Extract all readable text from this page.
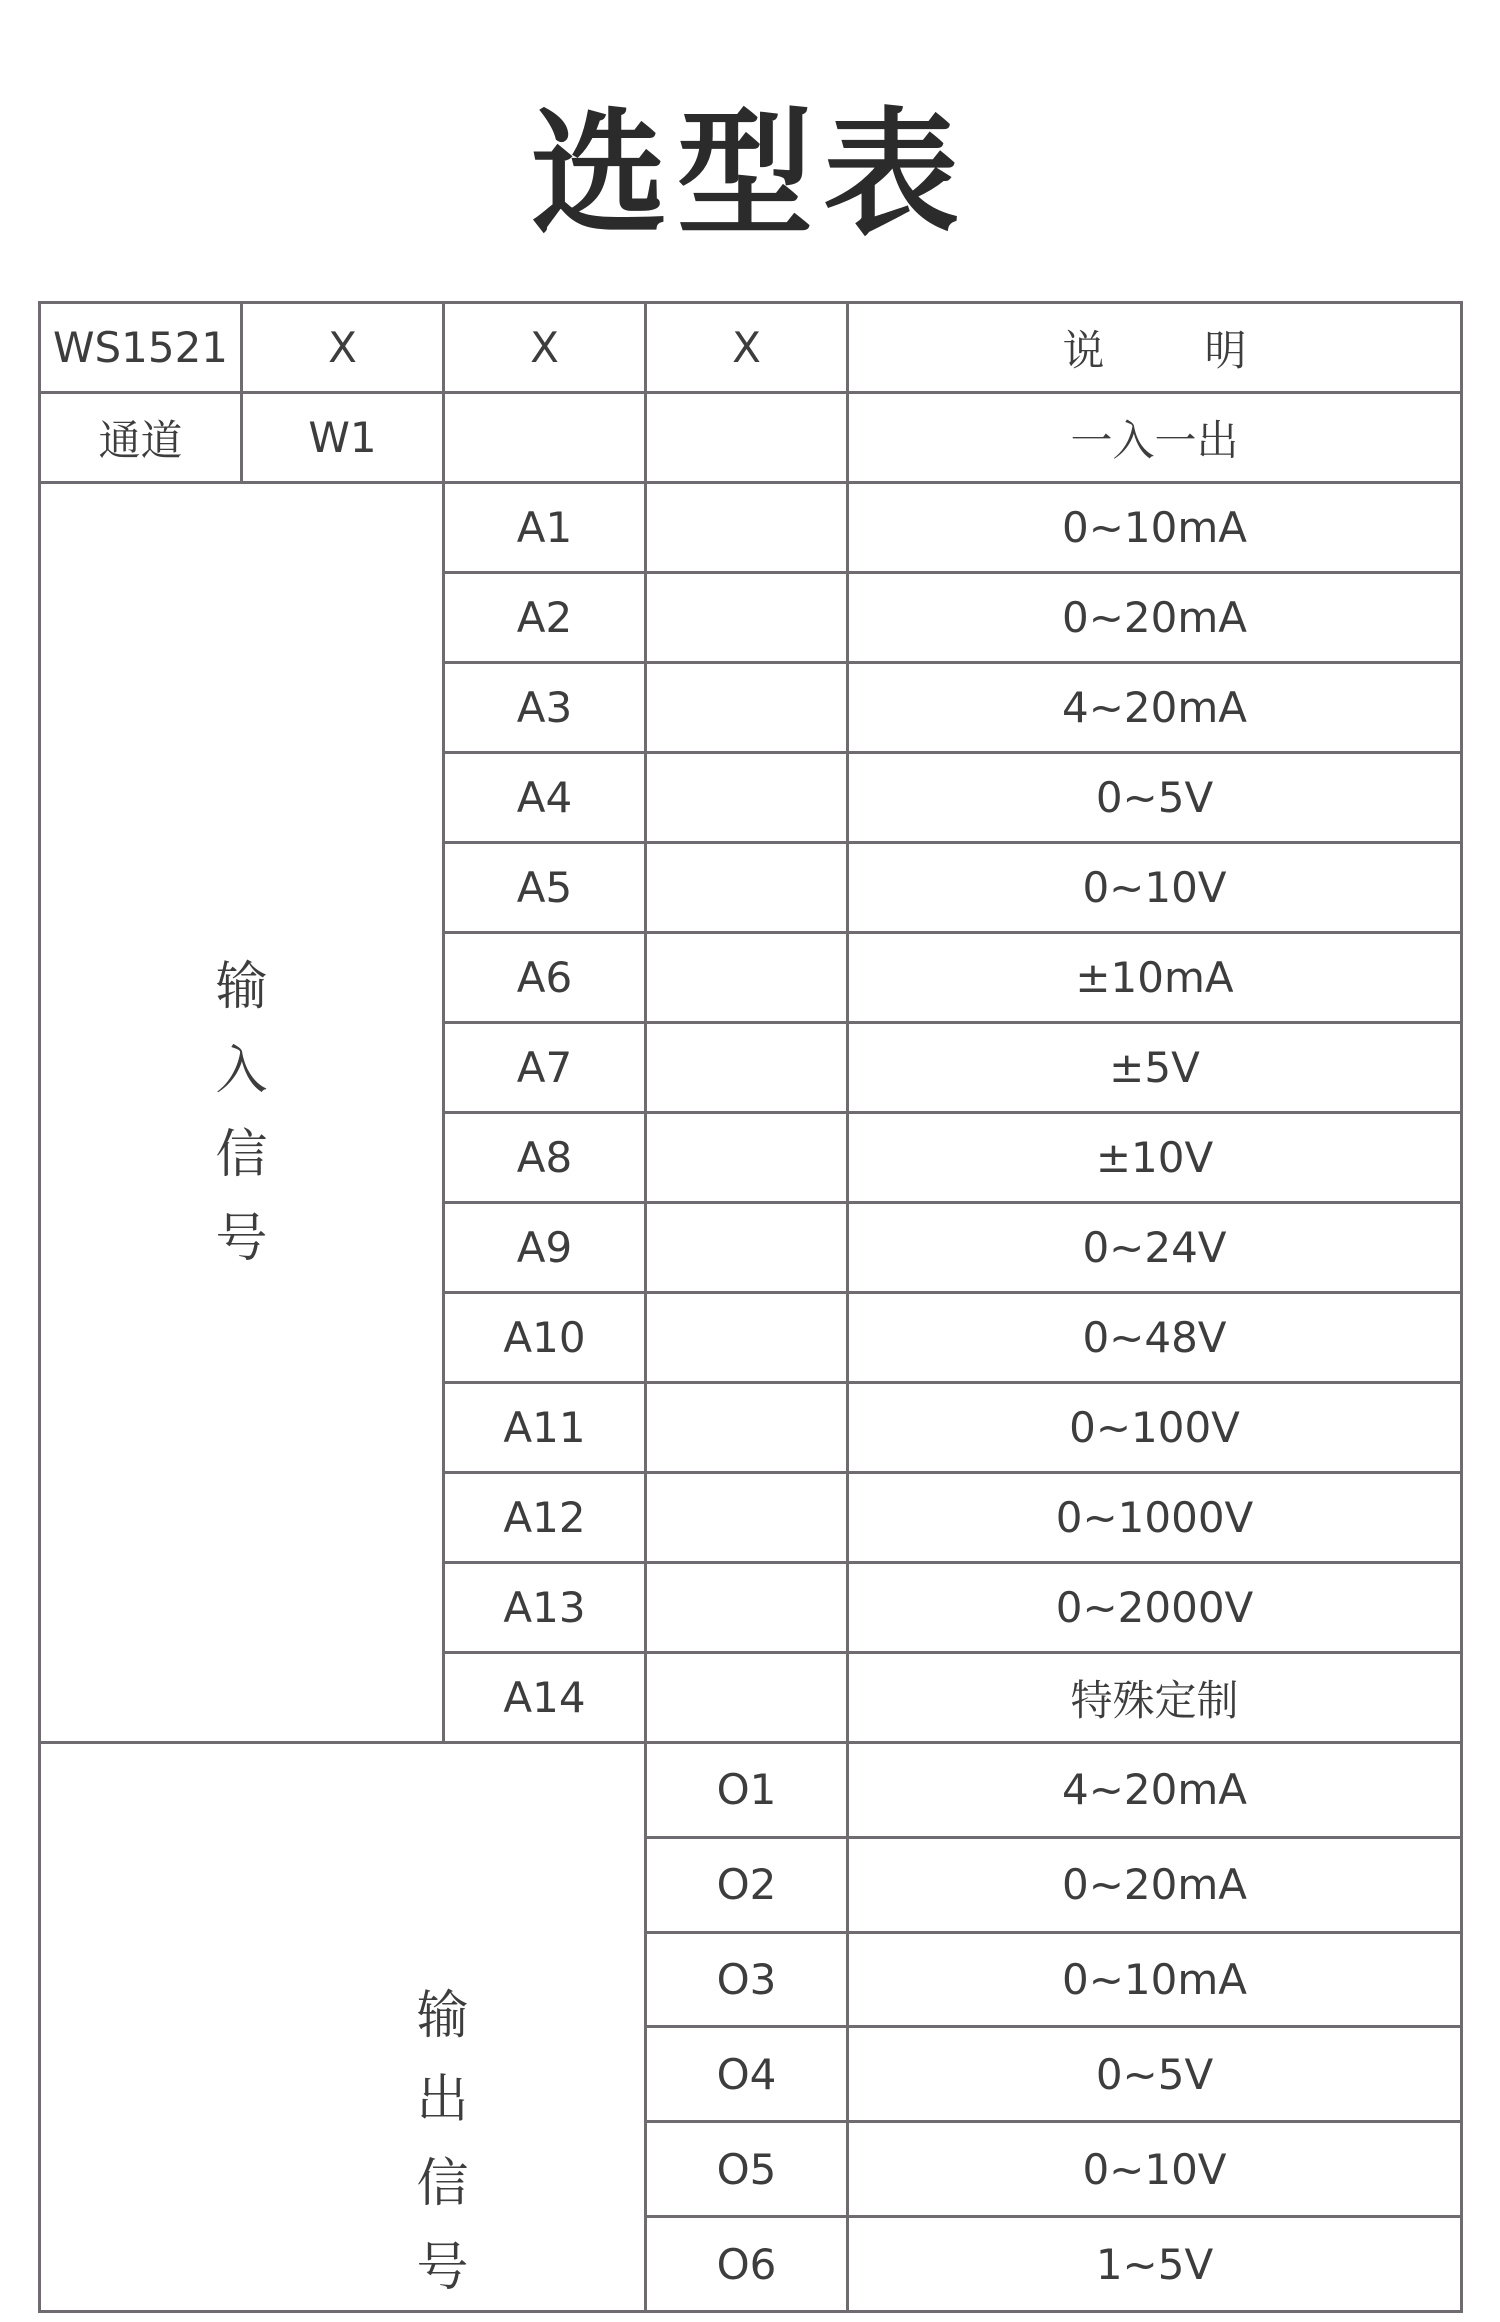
选型表
WS1521	X	X	X	说 明
通道	W1			一入一出

输
入
信
号		A1		0~10mA
		A2		0~20mA
		A3		4~20mA
		A4		0~5V
		A5		0~10V
		A6		±10mA
		A7		±5V
		A8		±10V
		A9		0~24V
		A10		0~48V
		A11		0~100V
		A12		0~1000V
		A13		0~2000V
		A14		特殊定制

输
出
信
号			O1	4~20mA
			O2	0~20mA
			O3	0~10mA
			O4	0~5V
			O5	0~10V
			O6	1~5V
